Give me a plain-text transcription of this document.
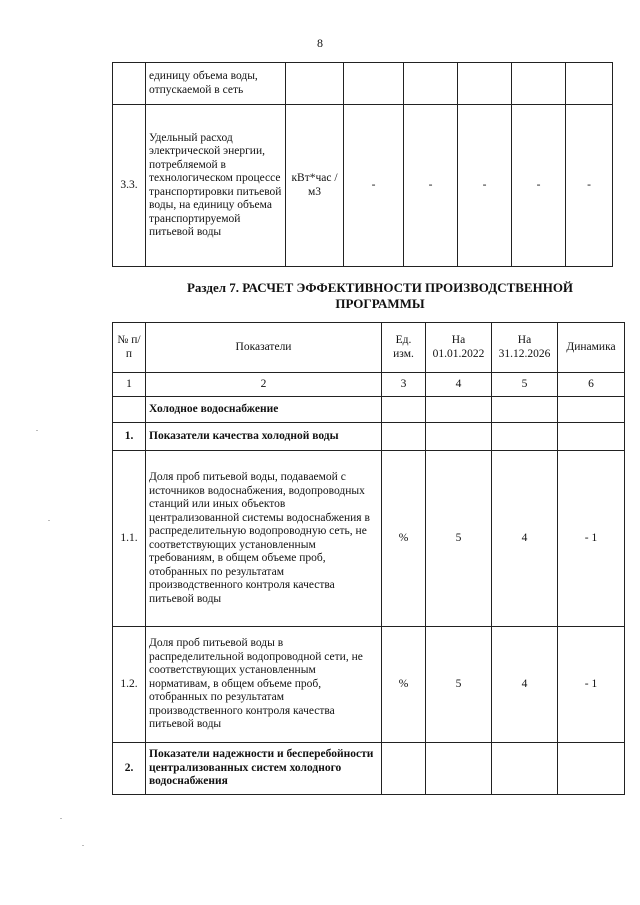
8
	единицу объема воды, отпускаемой в сеть						
3.3.	Удельный расход электрической энергии, потребляемой в технологическом процессе транспортировки питьевой воды, на единицу объема транспортируемой питьевой воды	кВт*час /м3	-	-	-	-	-
Раздел 7. РАСЧЕТ ЭФФЕКТИВНОСТИ ПРОИЗВОДСТВЕННОЙ ПРОГРАММЫ
№ п/п	Показатели	Ед. изм.	На 01.01.2022	На 31.12.2026	Динамика
1	2	3	4	5	6
	Холодное водоснабжение				
1.	Показатели качества холодной воды				
1.1.	Доля проб питьевой воды, подаваемой с источников водоснабжения, водопроводных станций или иных объектов централизованной системы водоснабжения в распределительную водопроводную сеть, не соответствующих установленным требованиям, в общем объеме проб, отобранных по результатам производственного контроля качества питьевой воды	%	5	4	- 1
1.2.	Доля проб питьевой воды в распределительной водопроводной сети, не соответствующих установленным нормативам, в общем объеме проб, отобранных по результатам производственного контроля качества питьевой воды	%	5	4	- 1
2.	Показатели надежности и бесперебойности централизованных систем холодного водоснабжения				
